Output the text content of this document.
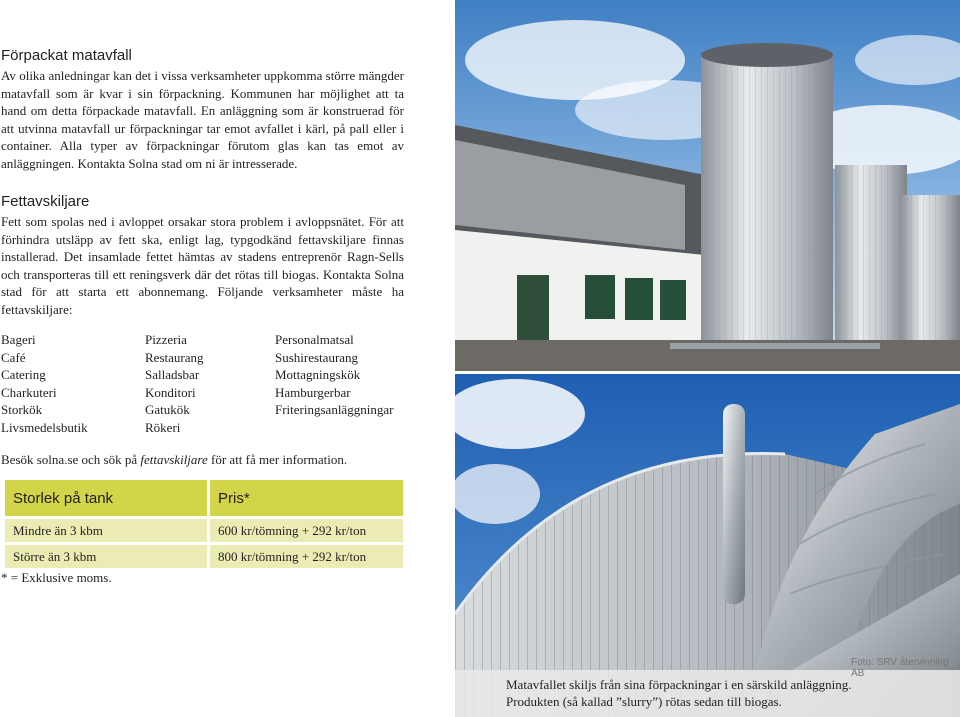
Förpackat matavfall

Av olika anledningar kan det i vissa verksamheter uppkomma större mängder matavfall som är kvar i sin förpackning. Kommunen har möjlighet att ta hand om detta förpackade matavfall. En anläggning som är konstruerad för att utvinna matavfall ur förpackningar tar emot avfallet i kärl, på pall eller i container. Alla typer av förpackningar förutom glas kan tas emot av anläggningen. Kontakta Solna stad om ni är intresserade.

Fettavskiljare

Fett som spolas ned i avloppet orsakar stora problem i avloppsnätet. För att förhindra utsläpp av fett ska, enligt lag, typgodkänd fettavskiljare finnas installerad. Det insamlade fettet hämtas av stadens entreprenör Ragn-Sells och transporteras till ett reningsverk där det rötas till biogas. Kontakta Solna stad för att starta ett abonnemang. Följande verksamheter måste ha fettavskiljare:

Bageri
Café
Catering
Charkuteri
Storkök
Livsmedelsbutik
Pizzeria
Restaurang
Salladsbar
Konditori
Gatukök
Rökeri
Personalmatsal
Sushirestaurang
Mottagningskök
Hamburgerbar
Friteringsanläggningar

Besök solna.se och sök på fettavskiljare för att få mer information.

Storlek på tank	Pris*
Mindre än 3 kbm	600 kr/tömning + 292 kr/ton
Större än 3 kbm	800 kr/tömning + 292 kr/ton

* = Exklusive moms.

Foto: SRV återvinning AB
Matavfallet skiljs från sina förpackningar i en särskild anläggning.
Produkten (så kallad ”slurry”) rötas sedan till biogas.
